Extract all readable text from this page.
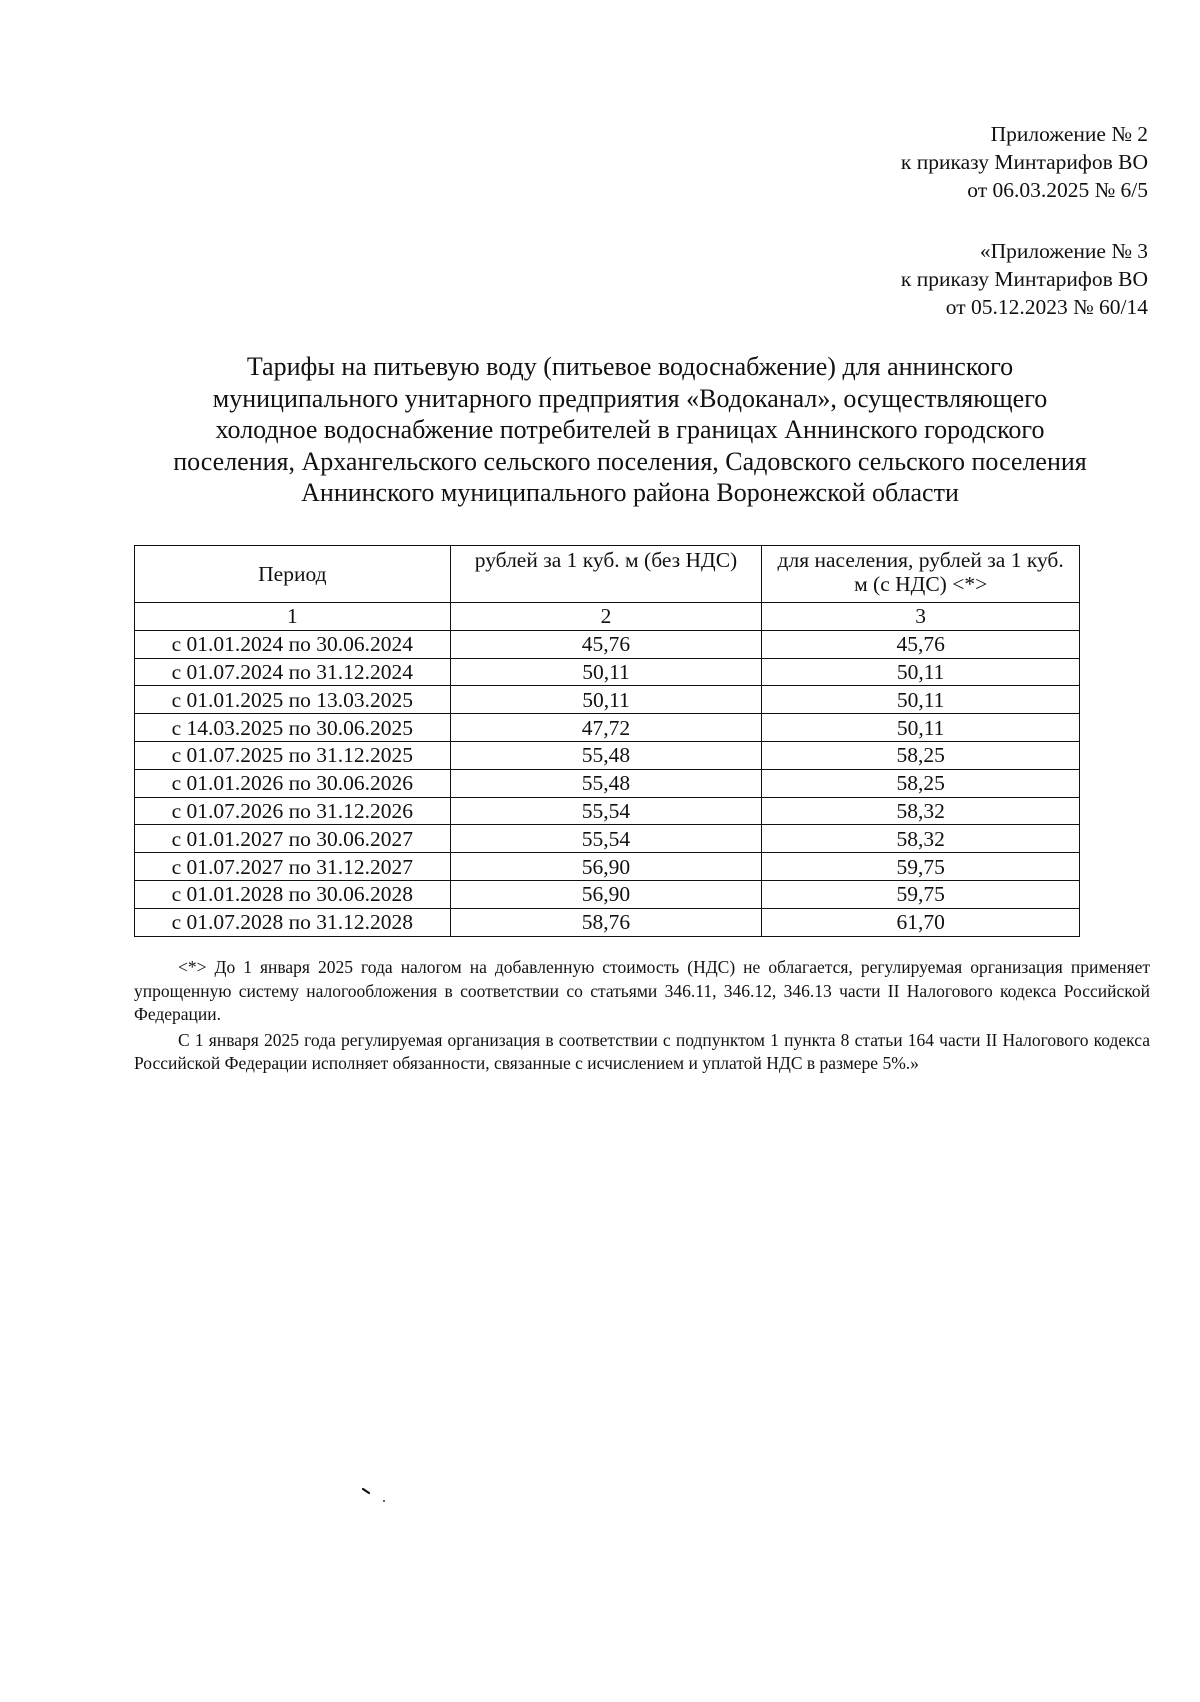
Приложение № 2
к приказу Минтарифов ВО
от 06.03.2025 № 6/5
«Приложение № 3
к приказу Минтарифов ВО
от 05.12.2023 № 60/14
Тарифы на питьевую воду (питьевое водоснабжение) для аннинского
муниципального унитарного предприятия «Водоканал», осуществляющего
холодное водоснабжение потребителей в границах Аннинского городского
поселения, Архангельского сельского поселения, Садовского сельского поселения
Аннинского муниципального района Воронежской области
Период	рублей за 1 куб. м (без НДС)	для населения, рублей за 1 куб. м (с НДС) <*>
1	2	3
с 01.01.2024 по 30.06.2024	45,76	45,76
с 01.07.2024 по 31.12.2024	50,11	50,11
с 01.01.2025 по 13.03.2025	50,11	50,11
с 14.03.2025 по 30.06.2025	47,72	50,11
с 01.07.2025 по 31.12.2025	55,48	58,25
с 01.01.2026 по 30.06.2026	55,48	58,25
с 01.07.2026 по 31.12.2026	55,54	58,32
с 01.01.2027 по 30.06.2027	55,54	58,32
с 01.07.2027 по 31.12.2027	56,90	59,75
с 01.01.2028 по 30.06.2028	56,90	59,75
с 01.07.2028 по 31.12.2028	58,76	61,70

<*> До 1 января 2025 года налогом на добавленную стоимость (НДС) не облагается, регулируемая организация применяет упрощенную систему налогообложения в соответствии со статьями 346.11, 346.12, 346.13 части II Налогового кодекса Российской Федерации.

С 1 января 2025 года регулируемая организация в соответствии с подпунктом 1 пункта 8 статьи 164 части II Налогового кодекса Российской Федерации исполняет обязанности, связанные с исчислением и уплатой НДС в размере 5%.»
